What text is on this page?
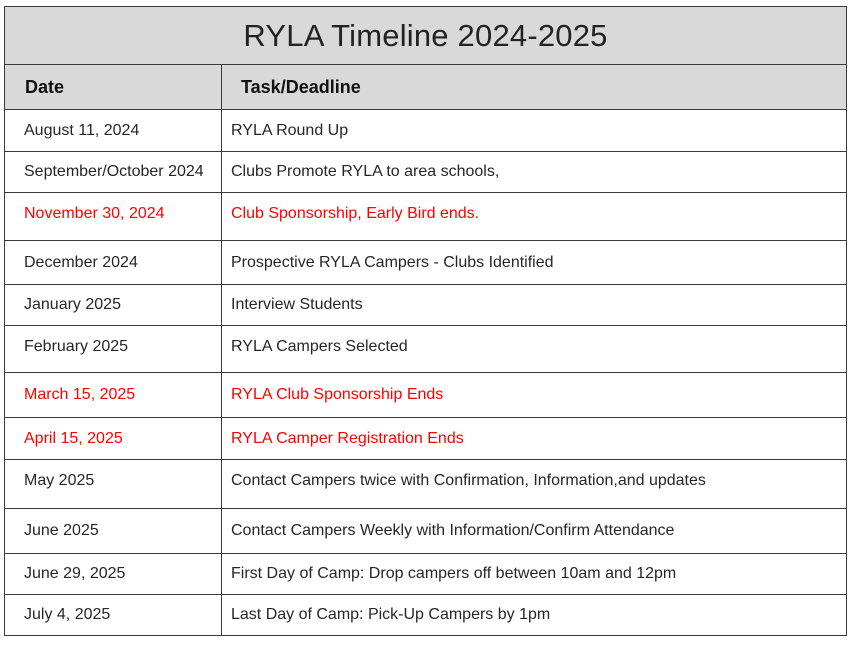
RYLA Timeline 2024-2025	
Date	Task/Deadline
August 11, 2024	RYLA Round Up
September/October 2024	Clubs Promote RYLA to area schools,
November 30, 2024	Club Sponsorship, Early Bird ends.
December 2024	Prospective RYLA Campers - Clubs Identified
January 2025	Interview Students
February 2025	RYLA Campers Selected
March 15, 2025	RYLA Club Sponsorship Ends
April 15, 2025	RYLA Camper Registration Ends
May 2025	Contact Campers twice with Confirmation, Information,and updates
June 2025	Contact Campers Weekly with Information/Confirm Attendance
June 29, 2025	First Day of Camp: Drop campers off between 10am and 12pm
July 4, 2025	Last Day of Camp: Pick-Up Campers by 1pm
